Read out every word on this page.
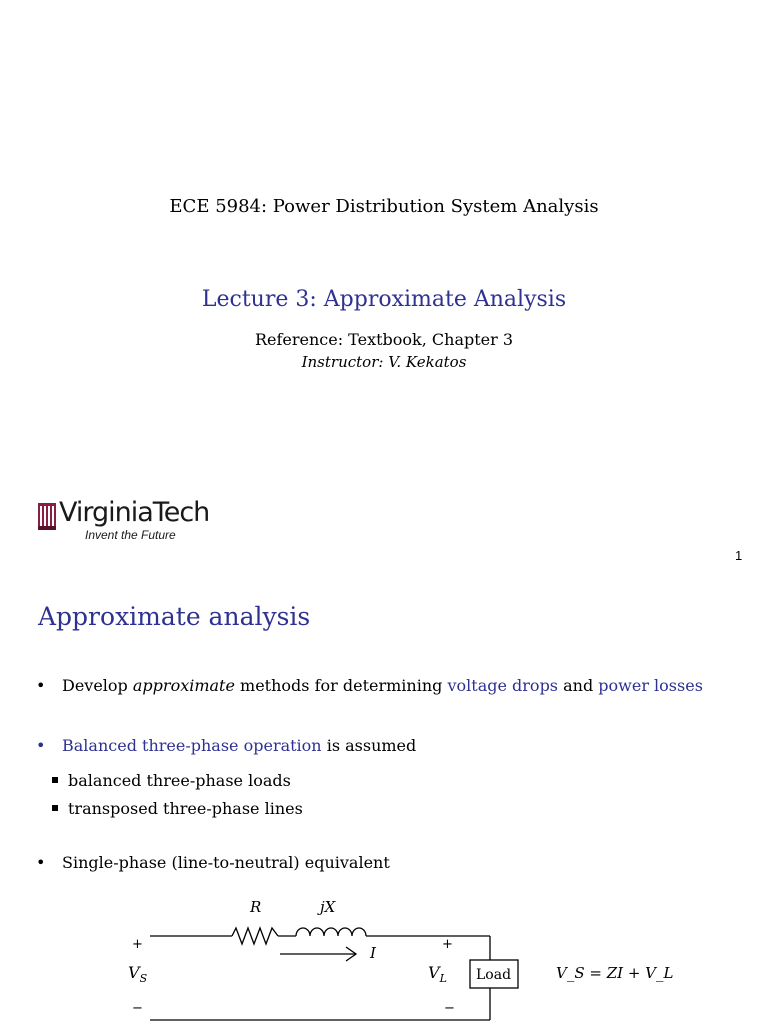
ECE 5984: Power Distribution System Analysis
Lecture 3: Approximate Analysis
Reference: Textbook, Chapter 3
Instructor: V. Kekatos
VirginiaTech
Invent the Future
1
Approximate analysis
• Develop approximate methods for determining voltage drops and power losses
• Balanced three-phase operation is assumed
balanced three-phase loads
transposed three-phase lines
• Single-phase (line-to-neutral) equivalent
R	jX
I
+
$V_S$
−
+
$V_L$
−
Load	V_S = ZI + V_L
